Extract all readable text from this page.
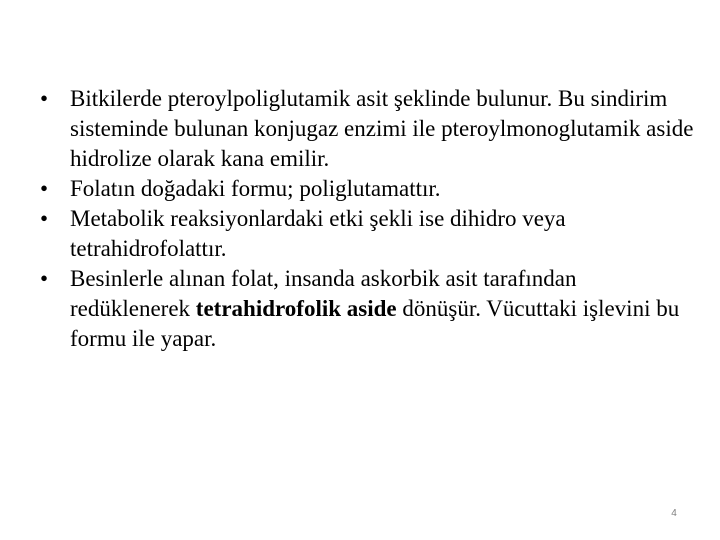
• Bitkilerde pteroylpoliglutamik asit şeklinde bulunur. Bu sindirim sisteminde bulunan konjugaz enzimi ile pteroylmonoglutamik aside hidrolize olarak kana emilir.
• Folatın doğadaki formu; poliglutamattır.
• Metabolik reaksiyonlardaki etki şekli ise dihidro veya tetrahidrofolattır.
• Besinlerle alınan folat, insanda askorbik asit tarafından redüklenerek tetrahidrofolik aside dönüşür. Vücuttaki işlevini bu formu ile yapar.
4
